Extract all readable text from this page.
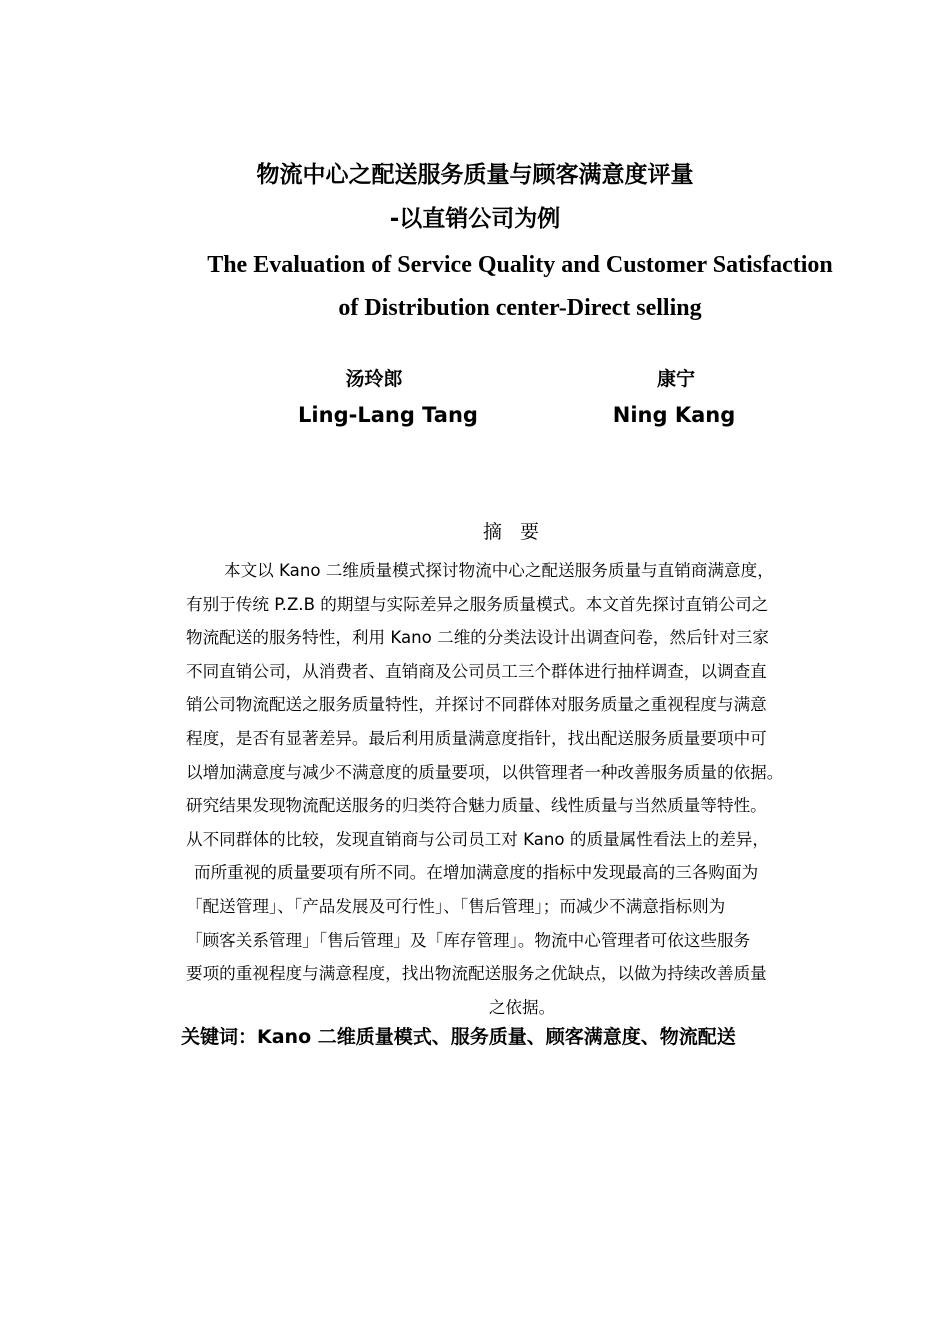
物流中心之配送服务质量与顾客满意度评量
-以直销公司为例
The Evaluation of Service Quality and Customer Satisfaction
of Distribution center-Direct selling
汤玲郎	康宁
Ling-Lang Tang	Ning Kang
摘要
本文以 Kano 二维质量模式探讨物流中心之配送服务质量与直销商满意度，
有别于传统 P.Z.B 的期望与实际差异之服务质量模式。本文首先探讨直销公司之
物流配送的服务特性，利用 Kano 二维的分类法设计出调查问卷，然后针对三家
不同直销公司，从消费者、直销商及公司员工三个群体进行抽样调查，以调查直
销公司物流配送之服务质量特性，并探讨不同群体对服务质量之重视程度与满意
程度，是否有显著差异。最后利用质量满意度指针，找出配送服务质量要项中可
以增加满意度与减少不满意度的质量要项，以供管理者一种改善服务质量的依据。
研究结果发现物流配送服务的归类符合魅力质量、线性质量与当然质量等特性。
从不同群体的比较，发现直销商与公司员工对 Kano 的质量属性看法上的差异，
而所重视的质量要项有所不同。在增加满意度的指标中发现最高的三各购面为
「配送管理」、「产品发展及可行性」、「售后管理」；而减少不满意指标则为
「顾客关系管理」「售后管理」及「库存管理」。物流中心管理者可依这些服务
要项的重视程度与满意程度，找出物流配送服务之优缺点，以做为持续改善质量
之依据。
关键词：Kano 二维质量模式、服务质量、顾客满意度、物流配送
